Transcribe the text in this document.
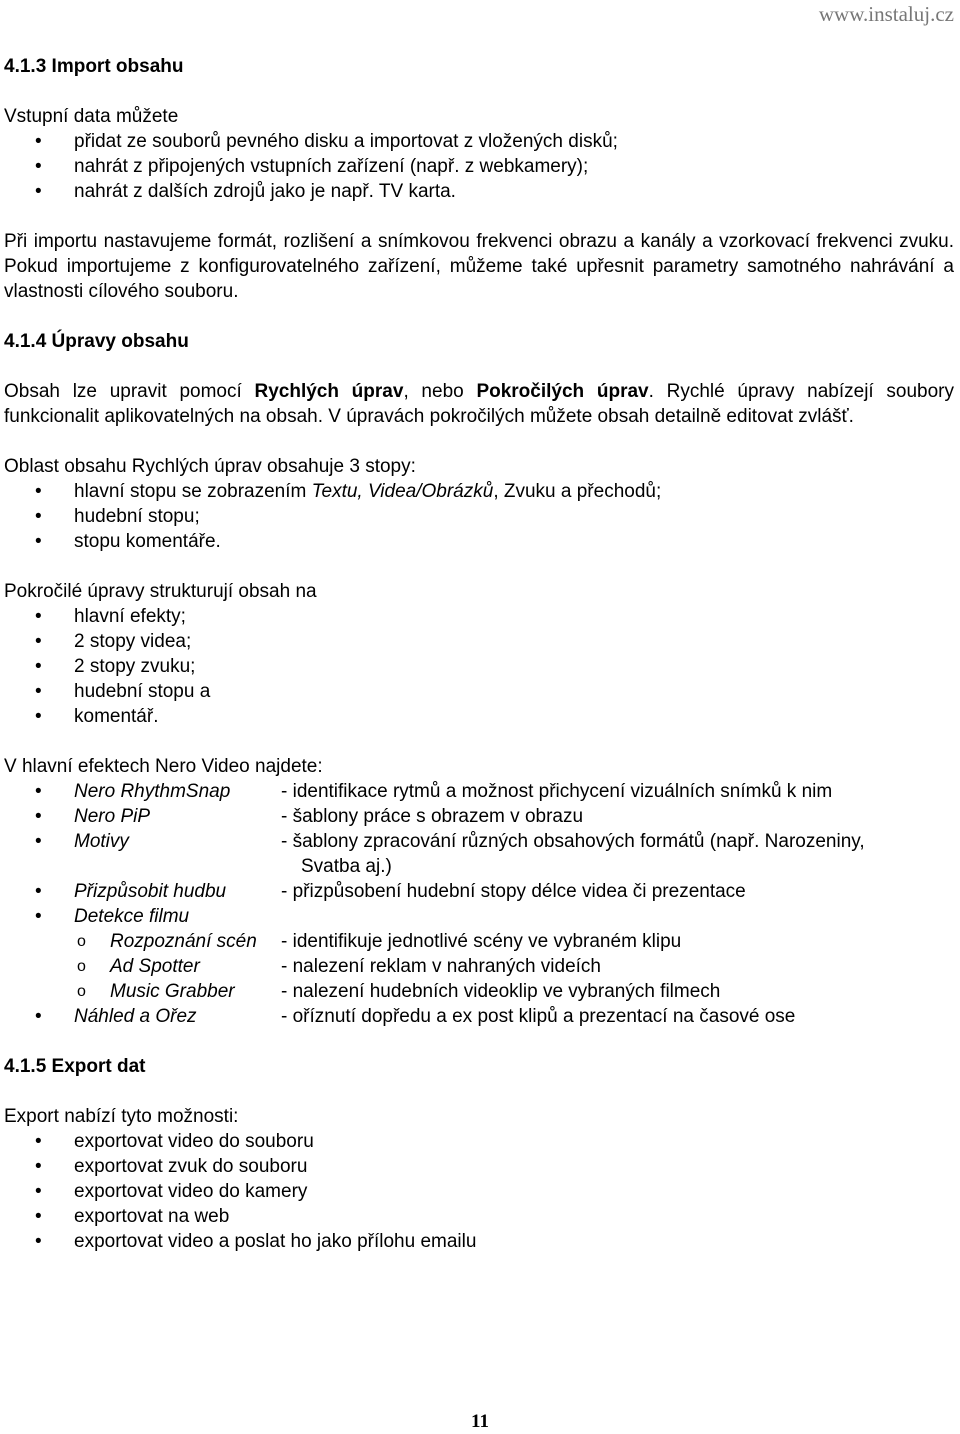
www.instaluj.cz
4.1.3 Import obsahu

Vstupní data můžete

• přidat ze souborů pevného disku a importovat z vložených disků;
• nahrát z připojených vstupních zařízení (např. z webkamery);
• nahrát z dalších zdrojů jako je např. TV karta.

Při importu nastavujeme formát, rozlišení a snímkovou frekvenci obrazu a kanály a vzorkovací frekvenci zvuku. Pokud importujeme z konfigurovatelného zařízení, můžeme také upřesnit parametry samotného nahrávání a vlastnosti cílového souboru.

4.1.4 Úpravy obsahu

Obsah lze upravit pomocí Rychlých úprav, nebo Pokročilých úprav. Rychlé úpravy nabízejí soubory funkcionalit aplikovatelných na obsah. V úpravách pokročilých můžete obsah detailně editovat zvlášť.

Oblast obsahu Rychlých úprav obsahuje 3 stopy:

• hlavní stopu se zobrazením Textu, Videa/Obrázků, Zvuku a přechodů;
• hudební stopu;
• stopu komentáře.

Pokročilé úpravy strukturují obsah na

• hlavní efekty;
• 2 stopy videa;
• 2 stopy zvuku;
• hudební stopu a
• komentář.

V hlavní efektech Nero Video najdete:

• Nero RhythmSnap	- identifikace rytmů a možnost přichycení vizuálních snímků k nim
• Nero PiP	- šablony práce s obrazem v obrazu
• Motivy	- šablony zpracování různých obsahových formátů (např. Narozeniny,
Svatba aj.)
• Přizpůsobit hudbu	- přizpůsobení hudební stopy délce videa či prezentace
• Detekce filmu

o Rozpoznání scén	- identifikuje jednotlivé scény ve vybraném klipu
o Ad Spotter	- nalezení reklam v nahraných videích
o Music Grabber	- nalezení hudebních videoklip ve vybraných filmech
• Náhled a Ořez	- oříznutí dopředu a ex post klipů a prezentací na časové ose
4.1.5 Export dat

Export nabízí tyto možnosti:

• exportovat video do souboru
• exportovat zvuk do souboru
• exportovat video do kamery
• exportovat na web
• exportovat video a poslat ho jako přílohu emailu
11
